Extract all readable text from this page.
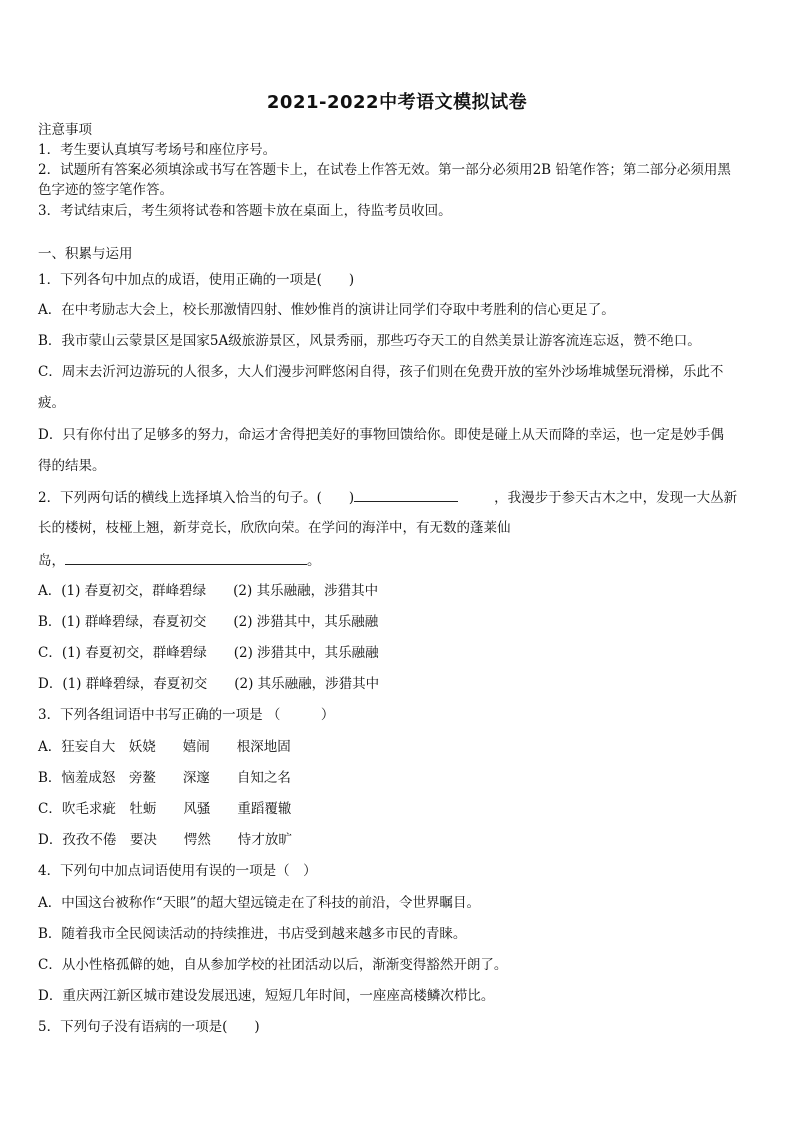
2021-2022中考语文模拟试卷
注意事项
1．考生要认真填写考场号和座位序号。
2．试题所有答案必须填涂或书写在答题卡上，在试卷上作答无效。第一部分必须用2B 铅笔作答；第二部分必须用黑
色字迹的签字笔作答。
3．考试结束后，考生须将试卷和答题卡放在桌面上，待监考员收回。
一、积累与运用
1．下列各句中加点的成语，使用正确的一项是(　　)
A．在中考励志大会上，校长那激情四射、惟妙惟肖的演讲让同学们夺取中考胜利的信心更足了。
B．我市蒙山云蒙景区是国家5A级旅游景区，风景秀丽，那些巧夺天工的自然美景让游客流连忘返，赞不绝口。
C．周末去沂河边游玩的人很多，大人们漫步河畔悠闲自得，孩子们则在免费开放的室外沙场堆城堡玩滑梯，乐此不
疲。
D．只有你付出了足够多的努力，命运才舍得把美好的事物回馈给你。即使是碰上从天而降的幸运，也一定是妙手偶
得的结果。
2．下列两句话的横线上选择填入恰当的句子。(　　)	，我漫步于参天古木之中，发现一大丛新
长的楼树，枝桠上翘，新芽竞长，欣欣向荣。在学问的海洋中，有无数的蓬莱仙
岛，	。
A．(1) 春夏初交，群峰碧绿　　(2) 其乐融融，涉猎其中
B．(1) 群峰碧绿，春夏初交　　(2) 涉猎其中，其乐融融
C．(1) 春夏初交，群峰碧绿　　(2) 涉猎其中，其乐融融
D．(1) 群峰碧绿，春夏初交　　(2) 其乐融融，涉猎其中
3．下列各组词语中书写正确的一项是 （　　　）
A．狂妄自大　妖娆　　嬉闹　　根深地固
B．恼羞成怒　旁鳌　　深邃　　自知之名
C．吹毛求疵　牡蛎　　风骚　　重蹈覆辙
D．孜孜不倦　要决　　愕然　　恃才放旷
4．下列句中加点词语使用有误的一项是（　）
A．中国这台被称作“天眼”的超大望远镜走在了科技的前沿，令世界瞩目。
B．随着我市全民阅读活动的持续推进，书店受到越来越多市民的青睐。
C．从小性格孤僻的她，自从参加学校的社团活动以后，渐渐变得豁然开朗了。
D．重庆两江新区城市建设发展迅速，短短几年时间，一座座高楼鳞次栉比。
5．下列句子没有语病的一项是(　　)
